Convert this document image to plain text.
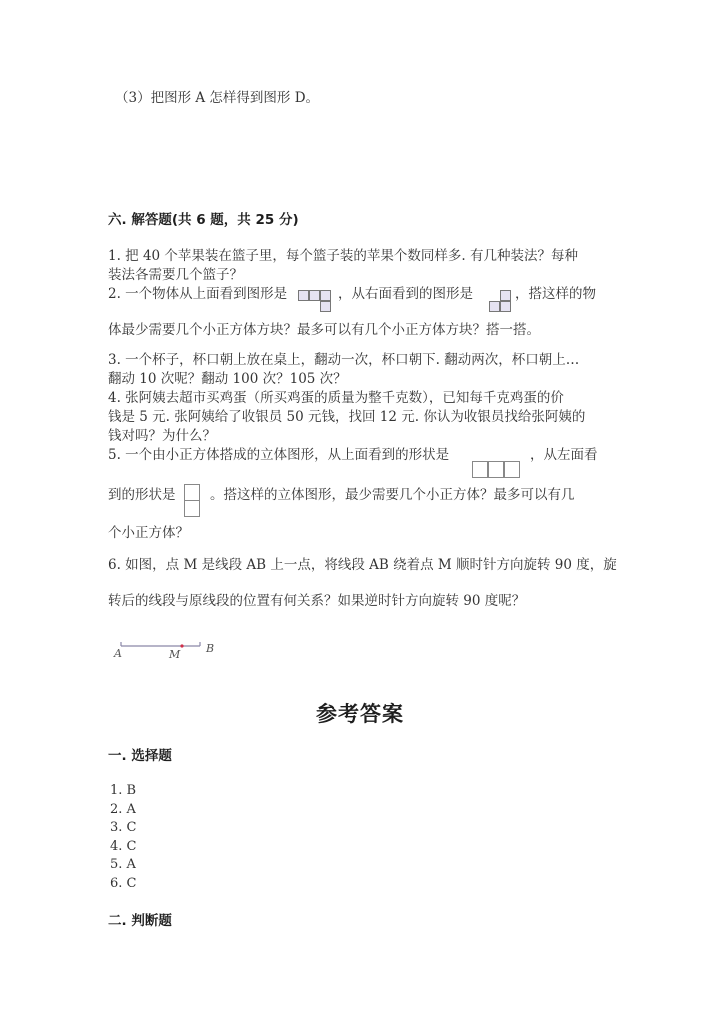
（3）把图形 A 怎样得到图形 D。
六. 解答题(共 6 题，共 25 分)
1. 把 40 个苹果装在篮子里，每个篮子装的苹果个数同样多. 有几种装法？每种
装法各需要几个篮子？
2. 一个物体从上面看到图形是	，从右面看到的图形是	，搭这样的物
体最少需要几个小正方体方块？最多可以有几个小正方体方块？搭一搭。
3. 一个杯子，杯口朝上放在桌上，翻动一次，杯口朝下. 翻动两次，杯口朝上…
翻动 10 次呢？翻动 100 次？105 次？
4. 张阿姨去超市买鸡蛋（所买鸡蛋的质量为整千克数），已知每千克鸡蛋的价
钱是 5 元. 张阿姨给了收银员 50 元钱，找回 12 元. 你认为收银员找给张阿姨的
钱对吗？为什么？
5. 一个由小正方体搭成的立体图形，从上面看到的形状是	，从左面看
到的形状是	。搭这样的立体图形，最少需要几个小正方体？最多可以有几
个小正方体？
6. 如图，点 M 是线段 AB 上一点，将线段 AB 绕着点 M 顺时针方向旋转 90 度，旋
转后的线段与原线段的位置有何关系？如果逆时针方向旋转 90 度呢？
A	M B
参考答案
一. 选择题
1. B
2. A
3. C
4. C
5. A
6. C
二. 判断题
